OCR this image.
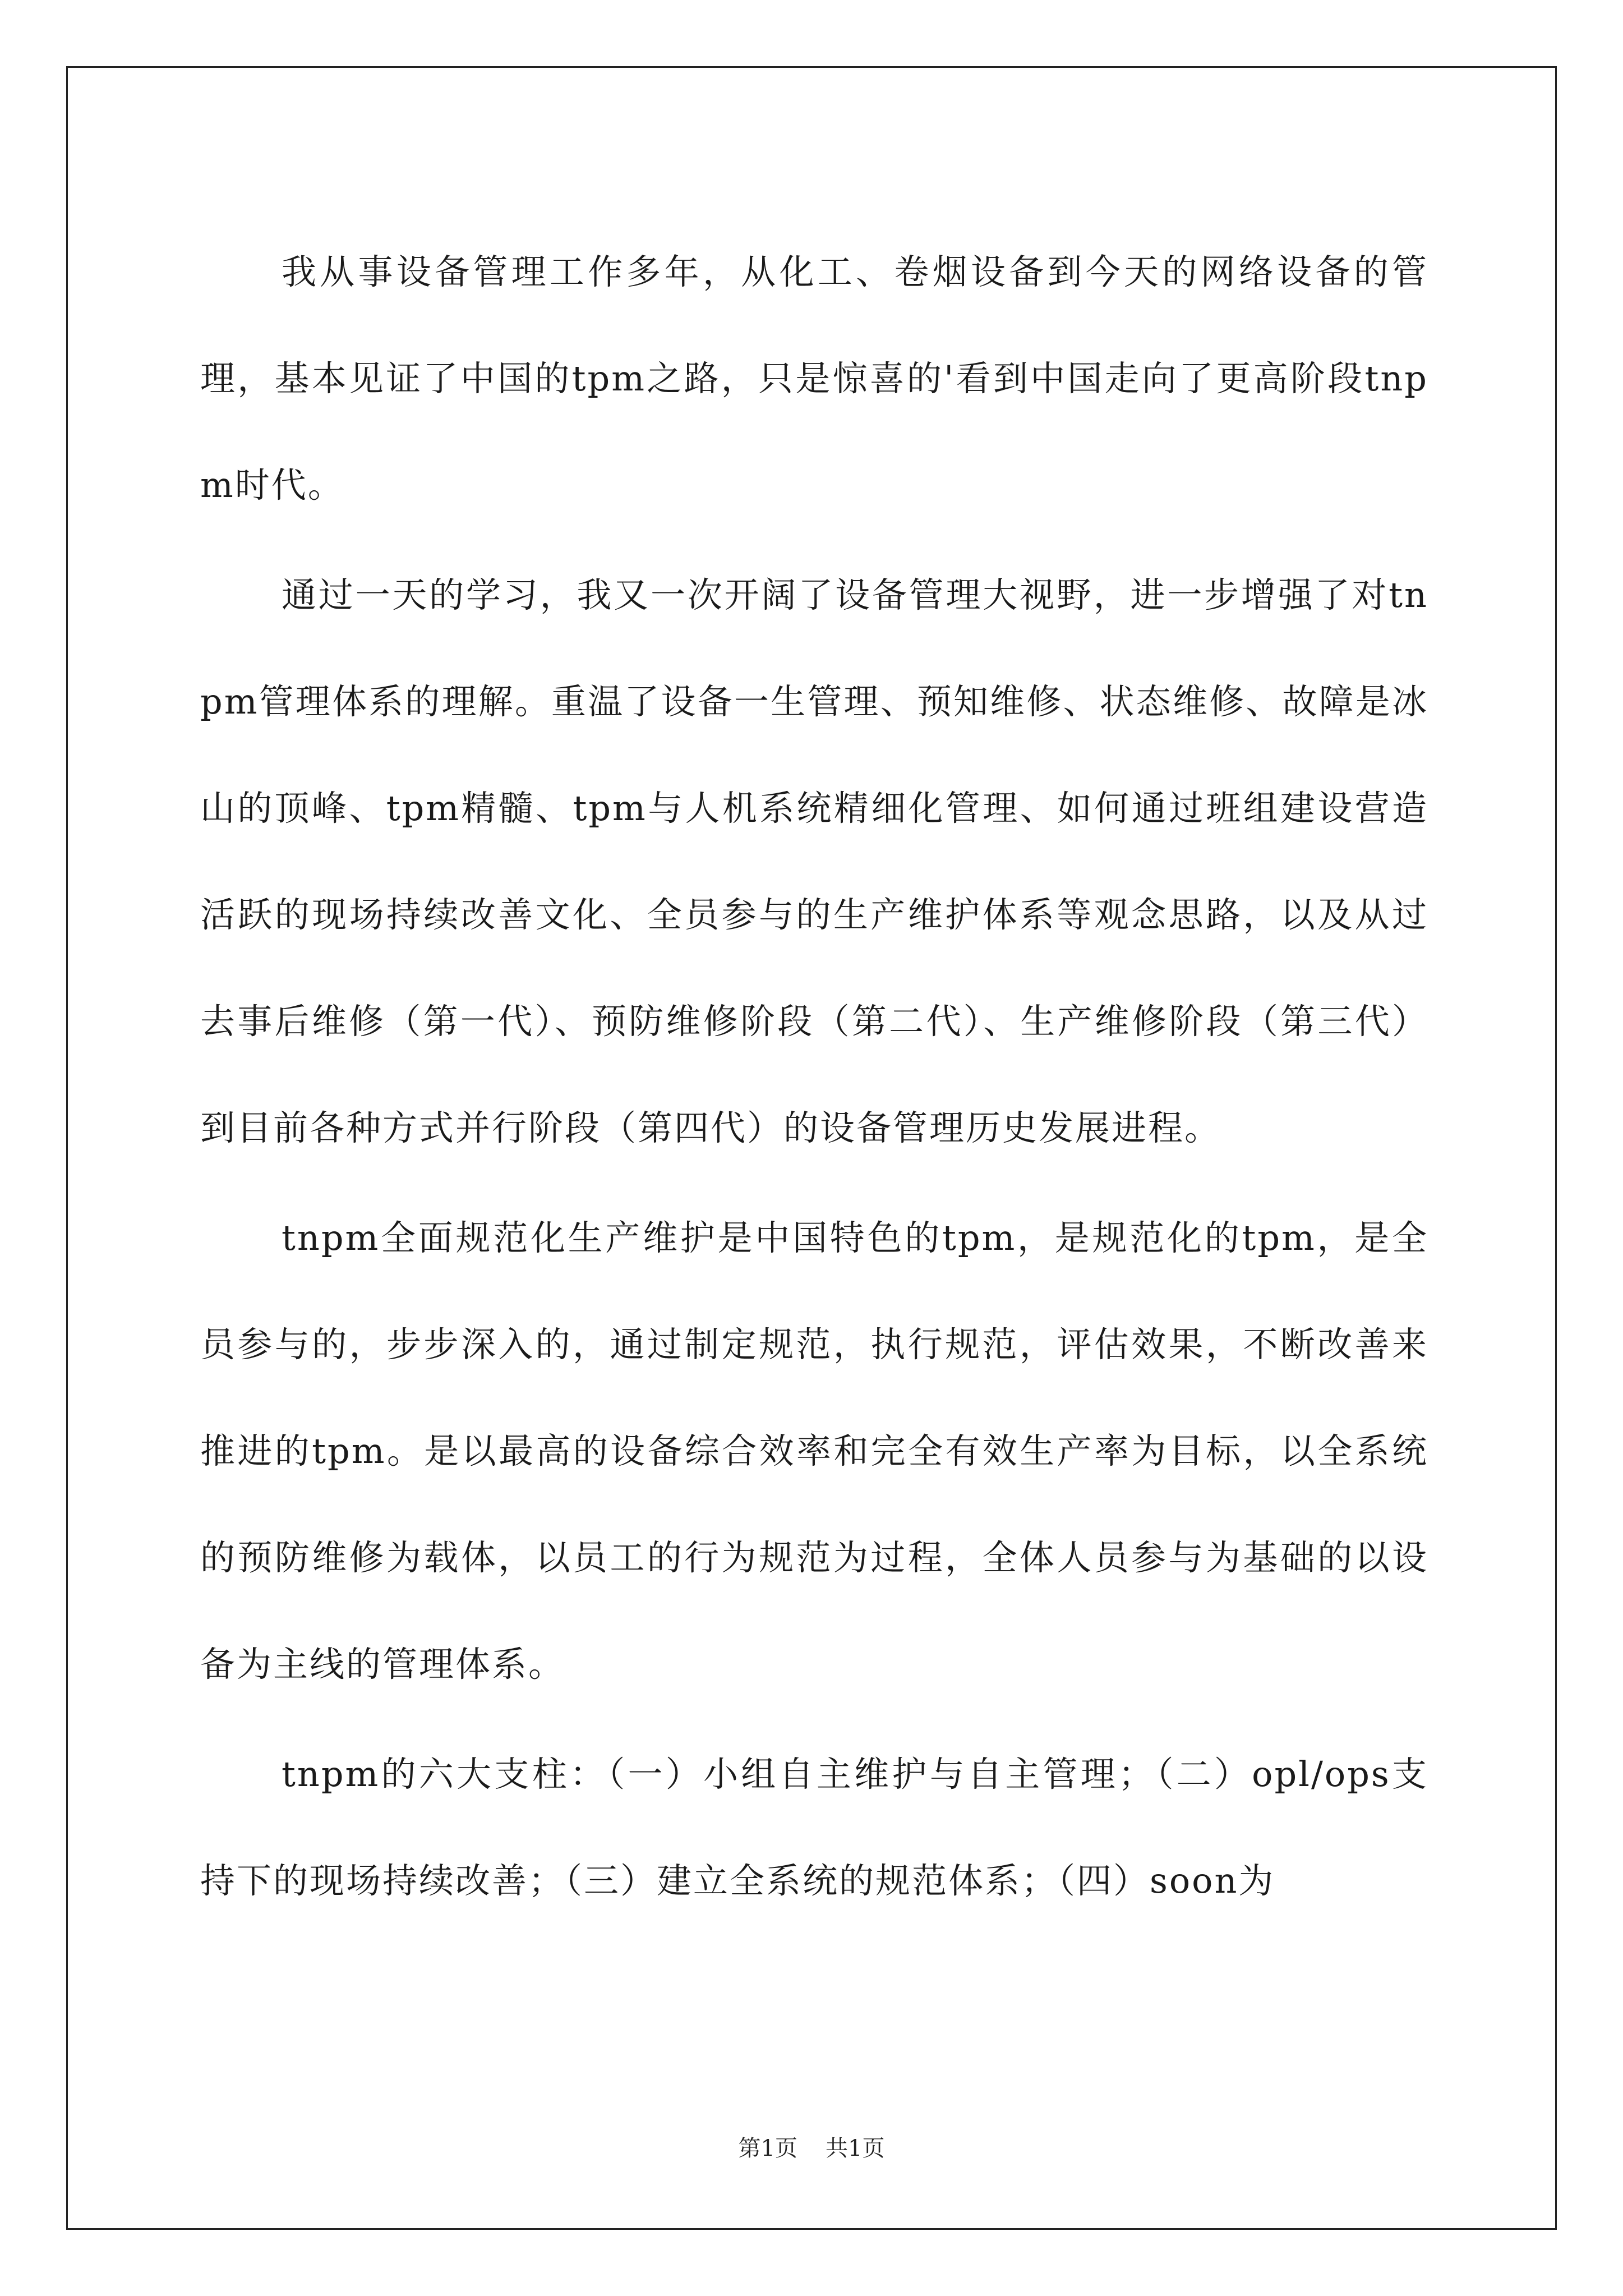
我从事设备管理工作多年，从化工、卷烟设备到今天的网络设备的管理，基本见证了中国的tpm之路，只是惊喜的'看到中国走向了更高阶段tnpm时代。

通过一天的学习，我又一次开阔了设备管理大视野，进一步增强了对tnpm管理体系的理解。重温了设备一生管理、预知维修、状态维修、故障是冰山的顶峰、tpm精髓、tpm与人机系统精细化管理、如何通过班组建设营造活跃的现场持续改善文化、全员参与的生产维护体系等观念思路，以及从过去事后维修（第一代）、预防维修阶段（第二代）、生产维修阶段（第三代）到目前各种方式并行阶段（第四代）的设备管理历史发展进程。

tnpm全面规范化生产维护是中国特色的tpm，是规范化的tpm，是全员参与的，步步深入的，通过制定规范，执行规范，评估效果，不断改善来推进的tpm。是以最高的设备综合效率和完全有效生产率为目标，以全系统的预防维修为载体，以员工的行为规范为过程，全体人员参与为基础的以设备为主线的管理体系。

tnpm的六大支柱：（一）小组自主维护与自主管理；（二）opl/ops支持下的现场持续改善；（三）建立全系统的规范体系；（四）soon为

第1页 共1页
